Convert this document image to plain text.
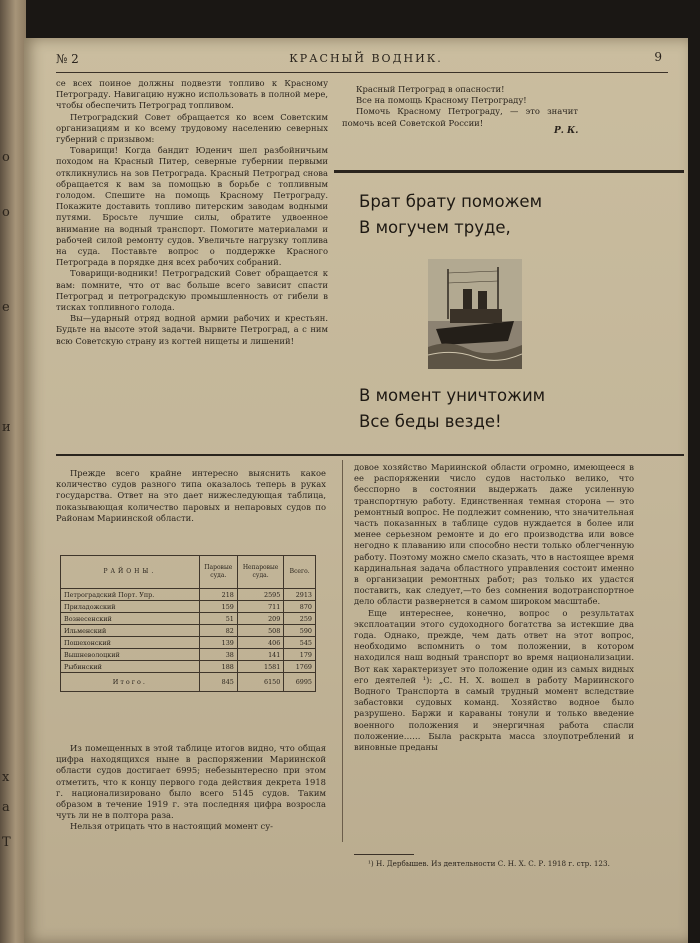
o
o
e
и
x
а
T
№ 2	КРАСНЫЙ ВОДНИК.	9

се всех поиное должны подвезти топливо к Красному Петрограду. Навигацию нужно использовать в полной мере, чтобы обеспечить Петроград топливом.

Петроградский Совет обращается ко всем Советским организациям и ко всему трудовому населению северных губерний с призывом:

Товарищи! Когда бандит Юденич шел разбойничьим походом на Красный Питер, северные губернии первыми откликнулись на зов Петрограда. Красный Петроград снова обращается к вам за помощью в борьбе с топливным голодом. Спешите на помощь Красному Петрограду. Покажите доставить топливо питерским заводам водными путями. Бросьте лучшие силы, обратите удвоенное внимание на водный транспорт. Помогите материалами и рабочей силой ремонту судов. Увеличьте нагрузку топлива на суда. Поставьте вопрос о поддержке Красного Петрограда в порядке дня всех рабочих собраний.

Товарищи-водники! Петроградский Совет обращается к вам: помните, что от вас больше всего зависит спасти Петроград и петроградскую промышленность от гибели в тисках топливного голода.

Вы—ударный отряд водной армии рабочих и крестьян. Будьте на высоте этой задачи. Вырвите Петроград, а с ним всю Советскую страну из когтей нищеты и лишений!

Красный Петроград в опасности!

Все на помощь Красному Петрограду!

Помочь Красному Петрограду, — это значит помочь всей Советской России!

Р. К.
Брат брату поможем
В могучем труде,
В момент уничтожим
Все беды везде!

Прежде всего крайне интересно выяснить какое количество судов разного типа оказалось теперь в руках государства. Ответ на это дает нижеследующая таблица, показывающая количество паровых и непаровых судов по Районам Мариинской области.

РАЙОНЫ.	Паровые суда.	Непаровые суда.	Всего.
Петроградский Порт. Упр.	218	2595	2913
Приладожский	159	711	870
Вознесенский	51	209	259
Ильменский	82	508	590
Пошехонский	139	406	545
Вышневолоцкий	38	141	179
Рыбинский	188	1581	1769
Итого.	845	6150	6995

Из помещенных в этой таблице итогов видно, что общая цифра находящихся ныне в распоряжении Мариинской области судов достигает 6995; небезынтересно при этом отметить, что к концу первого года действия декрета 1918 г. национализировано было всего 5145 судов. Таким образом в течение 1919 г. эта последняя цифра возросла чуть ли не в полтора раза.

Нельзя отрицать что в настоящий момент су-

довое хозяйство Мариинской области огромно, имеющееся в ее распоряжении число судов настолько велико, что бесспорно в состоянии выдержать даже усиленную транспортную работу. Единственная темная сторона — это ремонтный вопрос. Не подлежит сомнению, что значительная часть показанных в таблице судов нуждается в более или менее серьезном ремонте и до его производства или вовсе негодно к плаванию или способно нести только облегченную работу. Поэтому можно смело сказать, что в настоящее время кардинальная задача областного управления состоит именно в организации ремонтных работ; раз только их удастся поставить, как следует,—то без сомнения водотранспортное дело области развернется в самом широком масштабе.

Еще интереснее, конечно, вопрос о результатах эксплоатации этого судоходного богатства за истекшие два года. Однако, прежде, чем дать ответ на этот вопрос, необходимо вспомнить о том положении, в котором находился наш водный транспорт во время национализации. Вот как характеризует это положение один из самых видных его деятелей ¹): „С. Н. Х. вошел в работу Мариинского Водного Транспорта в самый трудный момент вследствие забастовки судовых команд. Хозяйство водное было разрушено. Баржи и караваны тонули и только введение военного положения и энергичная работа спасли положение…… Была раскрыта масса злоупотреблений и виновные преданы

¹) Н. Дербышев. Из деятельности С. Н. Х. С. Р. 1918 г. стр. 123.
